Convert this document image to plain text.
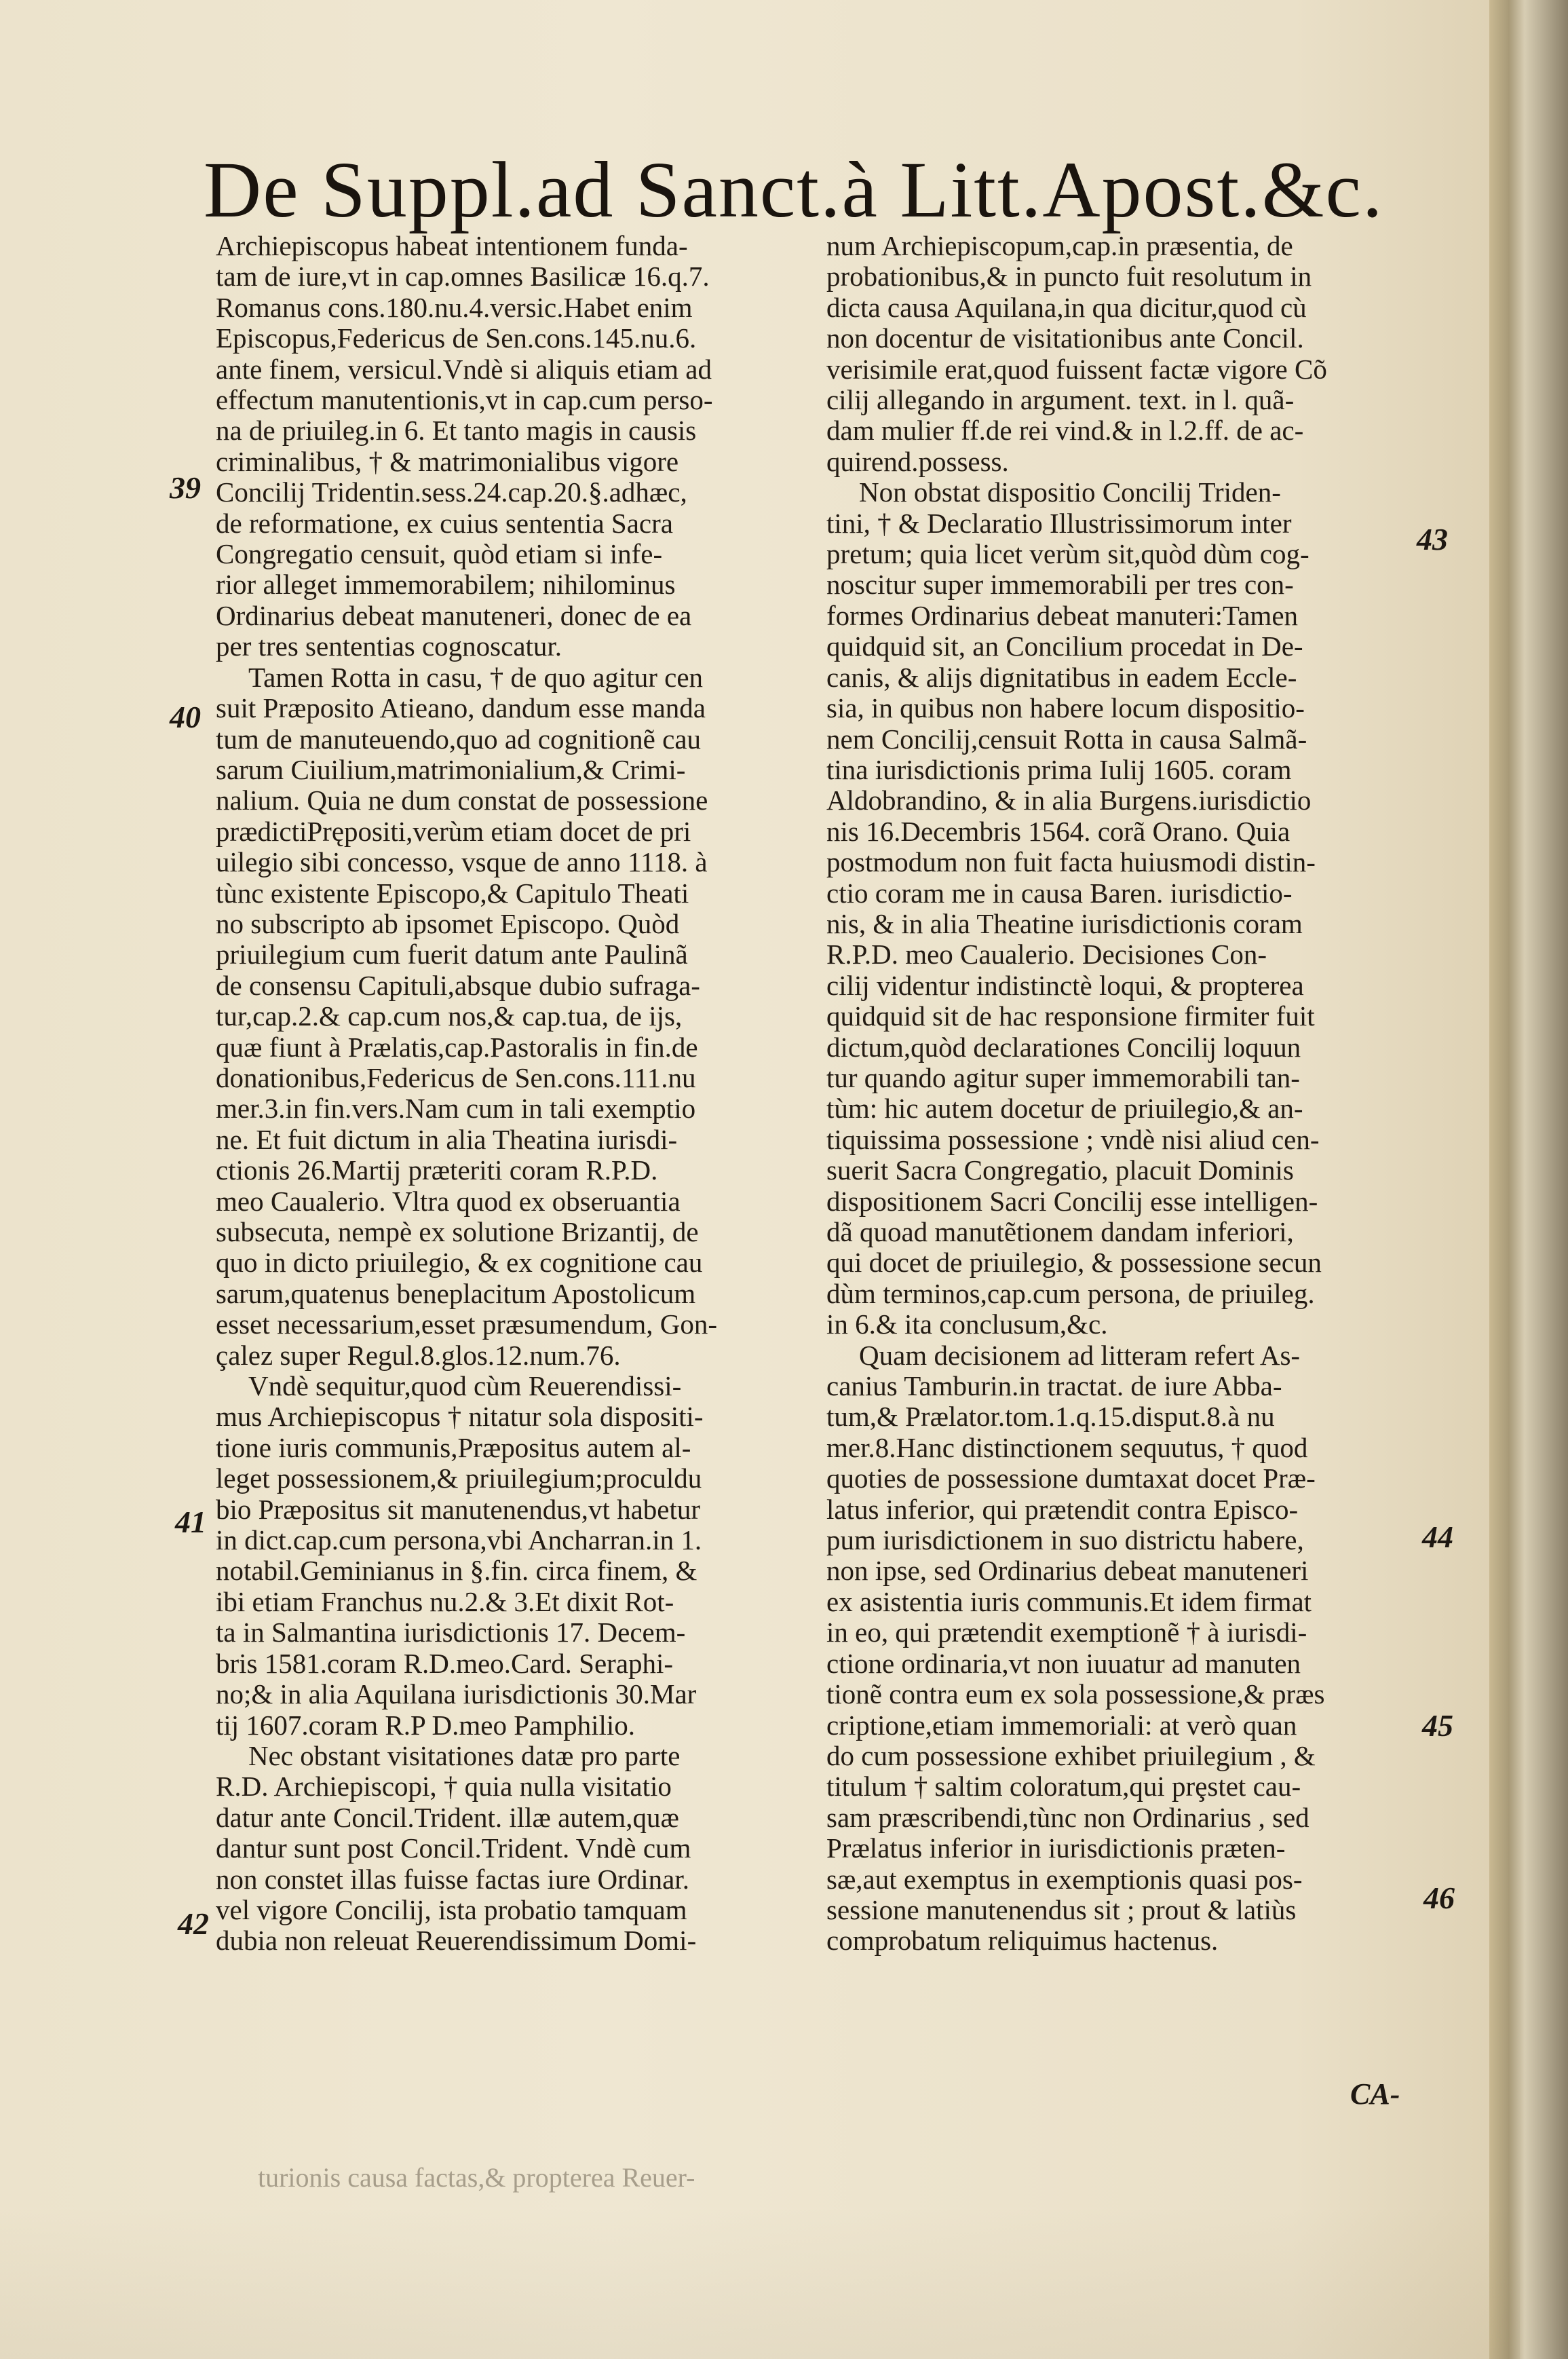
De Suppl.ad Sanct.à Litt.Apost.&c.

Archiepiscopus habeat intentionem funda-

tam de iure,vt in cap.omnes Basilicæ 16.q.7.

Romanus cons.180.nu.4.versic.Habet enim

Episcopus,Federicus de Sen.cons.145.nu.6.

ante finem, versicul.Vndè si aliquis etiam ad

effectum manutentionis,vt in cap.cum perso-

na de priuileg.in 6. Et tanto magis in causis

criminalibus, † & matrimonialibus vigore

Concilij Tridentin.sess.24.cap.20.§.adhæc,

de reformatione, ex cuius sententia Sacra

Congregatio censuit, quòd etiam si infe-

rior alleget immemorabilem; nihilominus

Ordinarius debeat manuteneri, donec de ea

per tres sententias cognoscatur.

Tamen Rotta in casu, † de quo agitur cen

suit Præposito Atieano, dandum esse manda

tum de manuteuendo,quo ad cognitionẽ cau

sarum Ciuilium,matrimonialium,& Crimi-

nalium. Quia ne dum constat de possessione

prædictiPrępositi,verùm etiam docet de pri

uilegio sibi concesso, vsque de anno 1118. à

tùnc existente Episcopo,& Capitulo Theati

no subscripto ab ipsomet Episcopo. Quòd

priuilegium cum fuerit datum ante Paulinã

de consensu Capituli,absque dubio sufraga-

tur,cap.2.& cap.cum nos,& cap.tua, de ijs,

quæ fiunt à Prælatis,cap.Pastoralis in fin.de

donationibus,Federicus de Sen.cons.111.nu

mer.3.in fin.vers.Nam cum in tali exemptio

ne. Et fuit dictum in alia Theatina iurisdi-

ctionis 26.Martij præteriti coram R.P.D.

meo Caualerio. Vltra quod ex obseruantia

subsecuta, nempè ex solutione Brizantij, de

quo in dicto priuilegio, & ex cognitione cau

sarum,quatenus beneplacitum Apostolicum

esset necessarium,esset præsumendum, Gon-

çalez super Regul.8.glos.12.num.76.

Vndè sequitur,quod cùm Reuerendissi-

mus Archiepiscopus † nitatur sola dispositi-

tione iuris communis,Præpositus autem al-

leget possessionem,& priuilegium;proculdu

bio Præpositus sit manutenendus,vt habetur

in dict.cap.cum persona,vbi Ancharran.in 1.

notabil.Geminianus in §.fin. circa finem, &

ibi etiam Franchus nu.2.& 3.Et dixit Rot-

ta in Salmantina iurisdictionis 17. Decem-

bris 1581.coram R.D.meo.Card. Seraphi-

no;& in alia Aquilana iurisdictionis 30.Mar

tij 1607.coram R.P D.meo Pamphilio.

Nec obstant visitationes datæ pro parte

R.D. Archiepiscopi, † quia nulla visitatio

datur ante Concil.Trident. illæ autem,quæ

dantur sunt post Concil.Trident. Vndè cum

non constet illas fuisse factas iure Ordinar.

vel vigore Concilij, ista probatio tamquam

dubia non releuat Reuerendissimum Domi-

num Archiepiscopum,cap.in præsentia, de

probationibus,& in puncto fuit resolutum in

dicta causa Aquilana,in qua dicitur,quod cù

non docentur de visitationibus ante Concil.

verisimile erat,quod fuissent factæ vigore Cõ

cilij allegando in argument. text. in l. quã-

dam mulier ff.de rei vind.& in l.2.ff. de ac-

quirend.possess.

Non obstat dispositio Concilij Triden-

tini, † & Declaratio Illustrissimorum inter

pretum; quia licet verùm sit,quòd dùm cog-

noscitur super immemorabili per tres con-

formes Ordinarius debeat manuteri:Tamen

quidquid sit, an Concilium procedat in De-

canis, & alijs dignitatibus in eadem Eccle-

sia, in quibus non habere locum dispositio-

nem Concilij,censuit Rotta in causa Salmã-

tina iurisdictionis prima Iulij 1605. coram

Aldobrandino, & in alia Burgens.iurisdictio

nis 16.Decembris 1564. corã Orano. Quia

postmodum non fuit facta huiusmodi distin-

ctio coram me in causa Baren. iurisdictio-

nis, & in alia Theatine iurisdictionis coram

R.P.D. meo Caualerio. Decisiones Con-

cilij videntur indistinctè loqui, & propterea

quidquid sit de hac responsione firmiter fuit

dictum,quòd declarationes Concilij loquun

tur quando agitur super immemorabili tan-

tùm: hic autem docetur de priuilegio,& an-

tiquissima possessione ; vndè nisi aliud cen-

suerit Sacra Congregatio, placuit Dominis

dispositionem Sacri Concilij esse intelligen-

dã quoad manutẽtionem dandam inferiori,

qui docet de priuilegio, & possessione secun

dùm terminos,cap.cum persona, de priuileg.

in 6.& ita conclusum,&c.

Quam decisionem ad litteram refert As-

canius Tamburin.in tractat. de iure Abba-

tum,& Prælator.tom.1.q.15.disput.8.à nu

mer.8.Hanc distinctionem sequutus, † quod

quoties de possessione dumtaxat docet Præ-

latus inferior, qui prætendit contra Episco-

pum iurisdictionem in suo districtu habere,

non ipse, sed Ordinarius debeat manuteneri

ex asistentia iuris communis.Et idem firmat

in eo, qui prætendit exemptionẽ † à iurisdi-

ctione ordinaria,vt non iuuatur ad manuten

tionẽ contra eum ex sola possessione,& præs

criptione,etiam immemoriali: at verò quan

do cum possessione exhibet priuilegium , &

titulum † saltim coloratum,qui prȩstet cau-

sam præscribendi,tùnc non Ordinarius , sed

Prælatus inferior in iurisdictionis præten-

sæ,aut exemptus in exemptionis quasi pos-

sessione manutenendus sit ; prout & latiùs

comprobatum reliquimus hactenus.

39
40
41
42
43
44
45
46
CA-
turionis causa factas,& propterea Reuer-
